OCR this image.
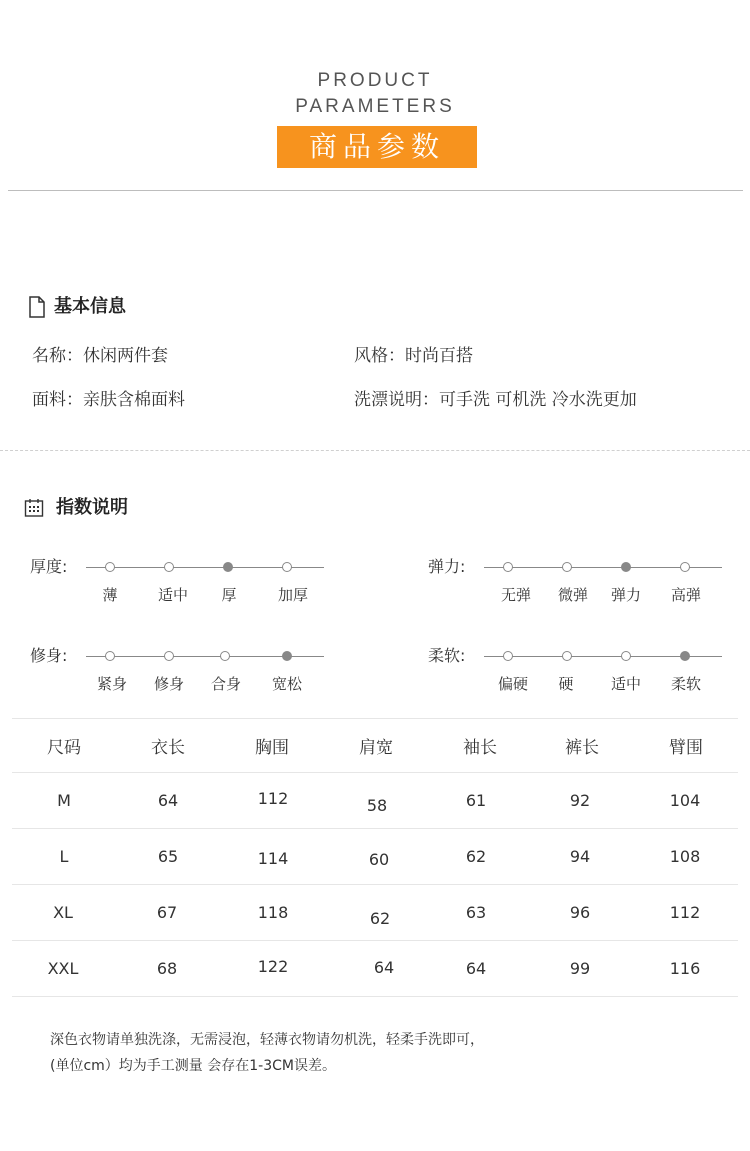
PRODUCT
PARAMETERS
商品参数
基本信息
名称：休闲两件套	风格：时尚百搭
面料：亲肤含棉面料	洗漂说明：可手洗 可机洗 冷水洗更加
指数说明
厚度:
薄	适中	厚	加厚
弹力:
无弹	微弹	弹力	高弹
修身:
紧身	修身	合身	宽松
柔软:
偏硬	硬	适中	柔软
尺码	衣长	胸围	肩宽	袖长	裤长	臂围
M	64	112	58	61	92	104
L	65	114	60	62	94	108
XL	67	118	62	63	96	112
XXL	68	122	64	64	99	116
深色衣物请单独洗涤，无需浸泡，轻薄衣物请勿机洗，轻柔手洗即可，
(单位cm）均为手工测量 会存在1-3CM误差。
